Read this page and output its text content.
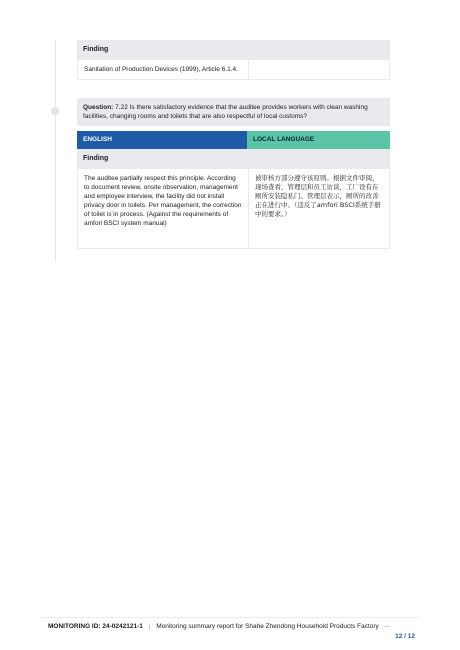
Finding
Sanitation of Production Devices (1999), Article 6.1.4.
Question: 7.22 Is there satisfactory evidence that the auditee provides workers with clean washing facilities, changing rooms and toilets that are also respectful of local customs?
ENGLISH	LOCAL LANGUAGE
Finding
The auditee partially respect this principle. According to document review, onsite observation, management and employee interview, the facility did not install privacy door in toilets. Per management, the correction of toilet is in process. (Against the requirements of amfori BSCI system manual)
被审核方部分遵守该原则。根据文件审阅，现场查看，管理层和员工访谈，工厂设有在厕所安装隐私门。管理层表示，厕所的改善正在进行中。（违反了amfori BSCI系统手册中的要求。）
MONITORING ID: 24-0242121-1 | Monitoring summary report for Shahe Zhendong Household Products Factory —
12 / 12
